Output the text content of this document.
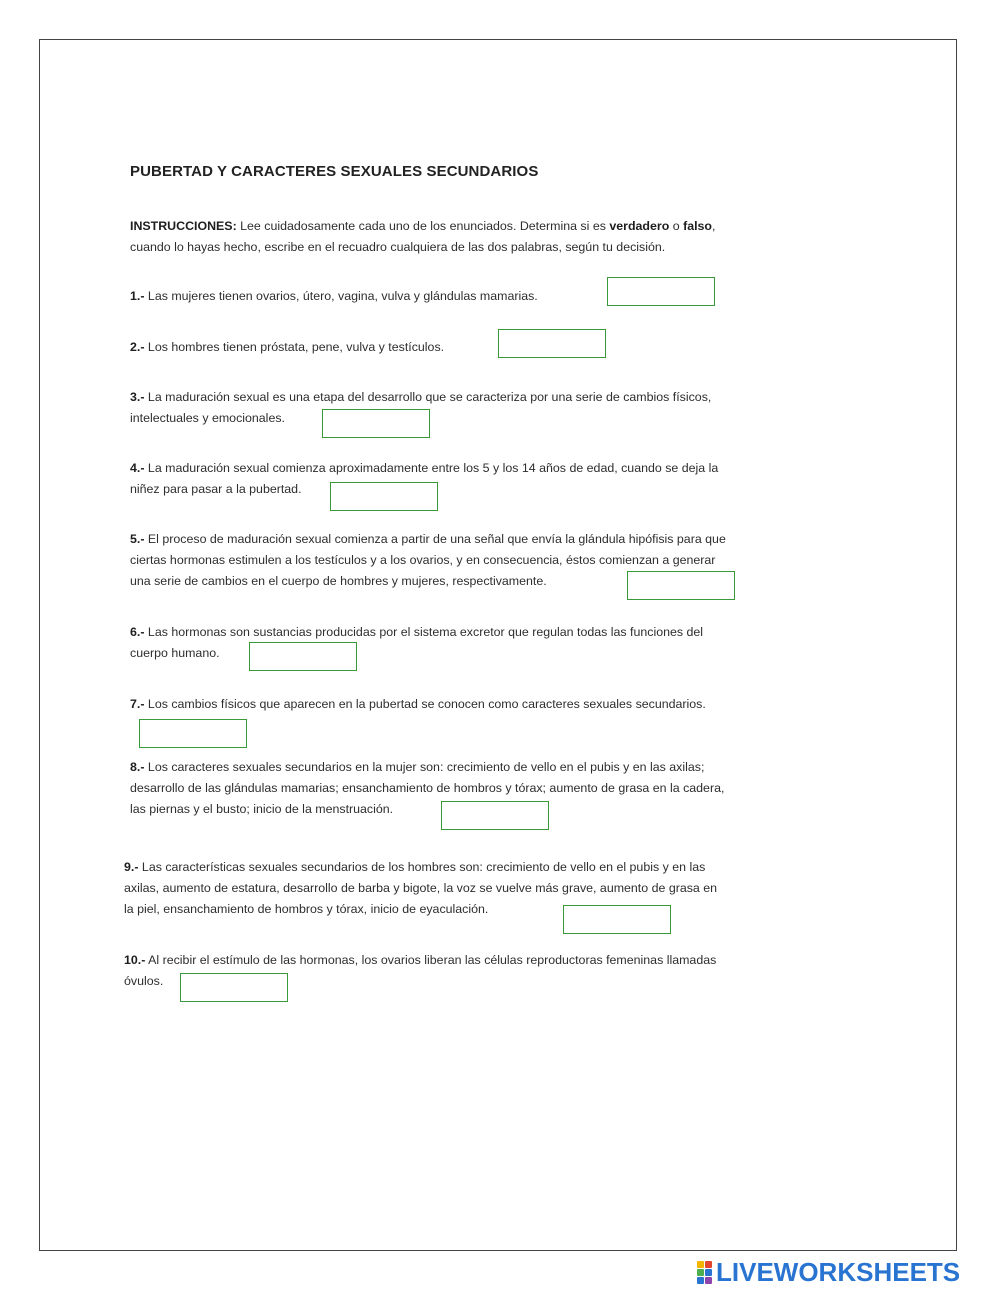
PUBERTAD Y CARACTERES SEXUALES SECUNDARIOS
INSTRUCCIONES: Lee cuidadosamente cada uno de los enunciados. Determina si es verdadero o falso,
cuando lo hayas hecho, escribe en el recuadro cualquiera de las dos palabras, según tu decisión.
1.- Las mujeres tienen ovarios, útero, vagina, vulva y glándulas mamarias.
2.- Los hombres tienen próstata, pene, vulva y testículos.
3.- La maduración sexual es una etapa del desarrollo que se caracteriza por una serie de cambios físicos,
intelectuales y emocionales.
4.- La maduración sexual comienza aproximadamente entre los 5 y los 14 años de edad, cuando se deja la
niñez para pasar a la pubertad.
5.- El proceso de maduración sexual comienza a partir de una señal que envía la glándula hipófisis para que
ciertas hormonas estimulen a los testículos y a los ovarios, y en consecuencia, éstos comienzan a generar
una serie de cambios en el cuerpo de hombres y mujeres, respectivamente.
6.- Las hormonas son sustancias producidas por el sistema excretor que regulan todas las funciones del
cuerpo humano.
7.- Los cambios físicos que aparecen en la pubertad se conocen como caracteres sexuales secundarios.
8.- Los caracteres sexuales secundarios en la mujer son: crecimiento de vello en el pubis y en las axilas;
desarrollo de las glándulas mamarias; ensanchamiento de hombros y tórax; aumento de grasa en la cadera,
las piernas y el busto; inicio de la menstruación.
9.- Las características sexuales secundarios de los hombres son: crecimiento de vello en el pubis y en las
axilas, aumento de estatura, desarrollo de barba y bigote, la voz se vuelve más grave, aumento de grasa en
la piel, ensanchamiento de hombros y tórax, inicio de eyaculación.
10.- Al recibir el estímulo de las hormonas, los ovarios liberan las células reproductoras femeninas llamadas
óvulos.
LIVEWORKSHEETS
